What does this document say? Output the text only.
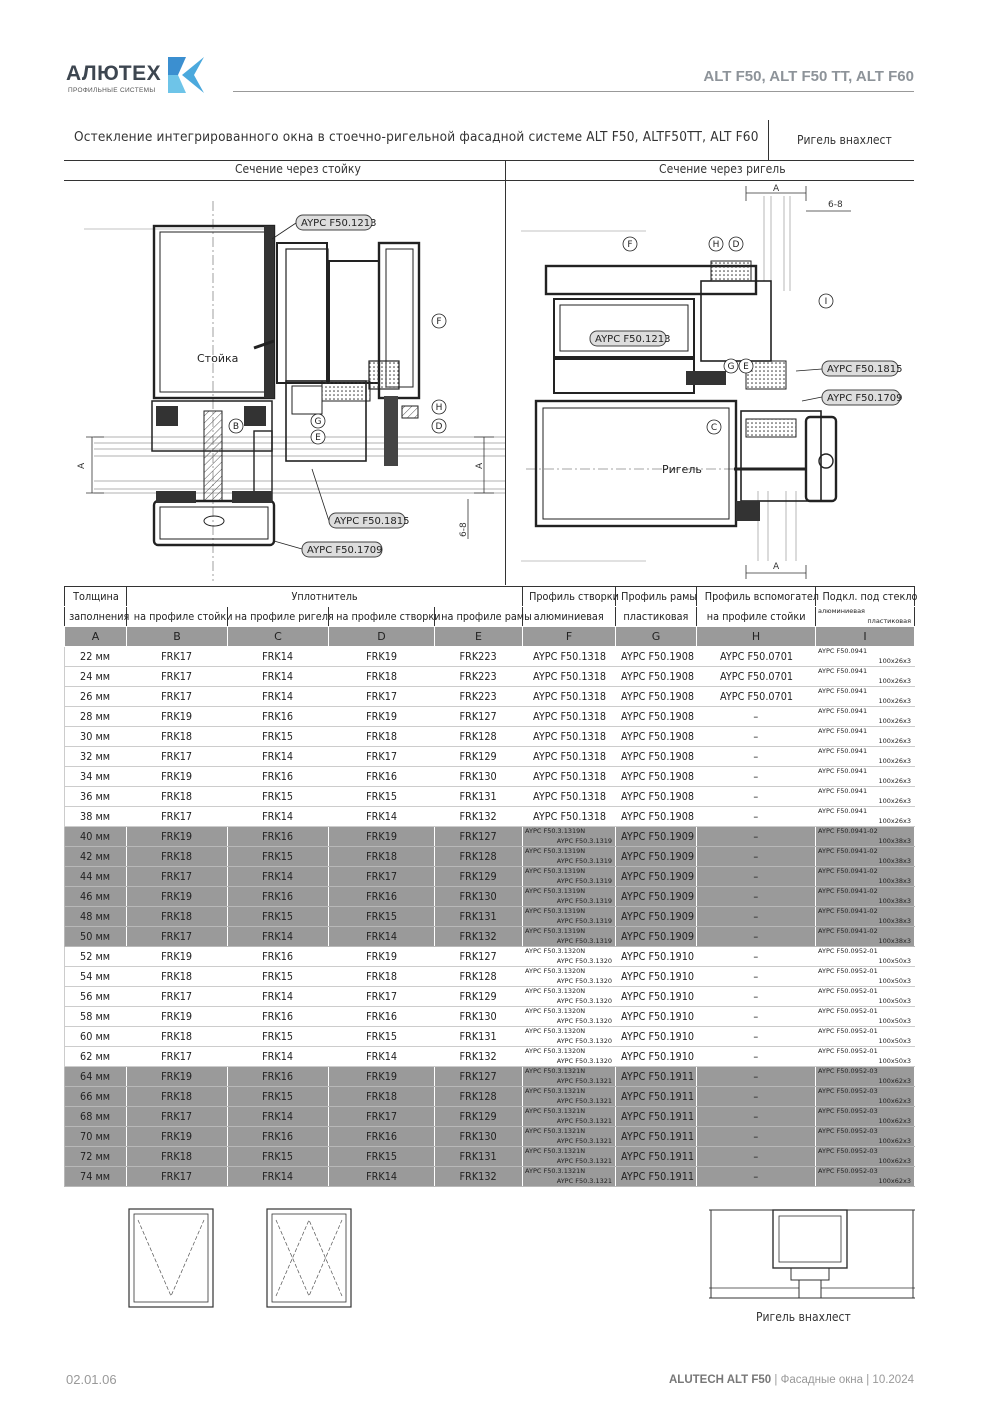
АЛЮТЕХ
ПРОФИЛЬНЫЕ СИСТЕМЫ
ALT F50, ALT F50 TT, ALT F60
Остекление интегрированного окна в стоечно-ригельной фасадной системе ALT F50, ALTF50TT, ALT F60	Ригель внахлест
Сечение через стойку	Сечение через ригель
A	A
6-8
AYPC F50.1213
Стойка
AYPC F50.1815
AYPC F50.1709
F
H
D
G
E
B
A
6-8
A
AYPC F50.1213
AYPC F50.1815
AYPC F50.1709
Ригель
F	H D
I
G E
C
Толщина	Уплотнитель				Профиль створки	Профиль рамы	Профиль вспомогател	Подкл. под стекло
заполнения	на профиле стойки	на профиле ригеля	на профиле створки	на профиле рамы	алюминиевая	пластиковая	на профиле стойки	алюминиевая
пластиковая

A	B	C	D	E	F	G	H	I
22 мм	FRK17	FRK14	FRK19	FRK223	AYPC F50.1318	AYPC F50.1908	AYPC F50.0701	AYPC F50.0941
100x26x3

24 мм	FRK17	FRK14	FRK18	FRK223	AYPC F50.1318	AYPC F50.1908	AYPC F50.0701	AYPC F50.0941
100x26x3

26 мм	FRK17	FRK14	FRK17	FRK223	AYPC F50.1318	AYPC F50.1908	AYPC F50.0701	AYPC F50.0941
100x26x3

28 мм	FRK19	FRK16	FRK19	FRK127	AYPC F50.1318	AYPC F50.1908	–	AYPC F50.0941
100x26x3

30 мм	FRK18	FRK15	FRK18	FRK128	AYPC F50.1318	AYPC F50.1908	–	AYPC F50.0941
100x26x3

32 мм	FRK17	FRK14	FRK17	FRK129	AYPC F50.1318	AYPC F50.1908	–	AYPC F50.0941
100x26x3

34 мм	FRK19	FRK16	FRK16	FRK130	AYPC F50.1318	AYPC F50.1908	–	AYPC F50.0941
100x26x3

36 мм	FRK18	FRK15	FRK15	FRK131	AYPC F50.1318	AYPC F50.1908	–	AYPC F50.0941
100x26x3

38 мм	FRK17	FRK14	FRK14	FRK132	AYPC F50.1318	AYPC F50.1908	–	AYPC F50.0941
100x26x3

40 мм	FRK19	FRK16	FRK19	FRK127	AYPC F50.3.1319N
AYPC F50.3.1319	AYPC F50.1909	–	AYPC F50.0941-02
100x38x3

42 мм	FRK18	FRK15	FRK18	FRK128	AYPC F50.3.1319N
AYPC F50.3.1319	AYPC F50.1909	–	AYPC F50.0941-02
100x38x3

44 мм	FRK17	FRK14	FRK17	FRK129	AYPC F50.3.1319N
AYPC F50.3.1319	AYPC F50.1909	–	AYPC F50.0941-02
100x38x3

46 мм	FRK19	FRK16	FRK16	FRK130	AYPC F50.3.1319N
AYPC F50.3.1319	AYPC F50.1909	–	AYPC F50.0941-02
100x38x3

48 мм	FRK18	FRK15	FRK15	FRK131	AYPC F50.3.1319N
AYPC F50.3.1319	AYPC F50.1909	–	AYPC F50.0941-02
100x38x3

50 мм	FRK17	FRK14	FRK14	FRK132	AYPC F50.3.1319N
AYPC F50.3.1319	AYPC F50.1909	–	AYPC F50.0941-02
100x38x3

52 мм	FRK19	FRK16	FRK19	FRK127	AYPC F50.3.1320N
AYPC F50.3.1320	AYPC F50.1910	–	AYPC F50.0952-01
100x50x3

54 мм	FRK18	FRK15	FRK18	FRK128	AYPC F50.3.1320N
AYPC F50.3.1320	AYPC F50.1910	–	AYPC F50.0952-01
100x50x3

56 мм	FRK17	FRK14	FRK17	FRK129	AYPC F50.3.1320N
AYPC F50.3.1320	AYPC F50.1910	–	AYPC F50.0952-01
100x50x3

58 мм	FRK19	FRK16	FRK16	FRK130	AYPC F50.3.1320N
AYPC F50.3.1320	AYPC F50.1910	–	AYPC F50.0952-01
100x50x3

60 мм	FRK18	FRK15	FRK15	FRK131	AYPC F50.3.1320N
AYPC F50.3.1320	AYPC F50.1910	–	AYPC F50.0952-01
100x50x3

62 мм	FRK17	FRK14	FRK14	FRK132	AYPC F50.3.1320N
AYPC F50.3.1320	AYPC F50.1910	–	AYPC F50.0952-01
100x50x3

64 мм	FRK19	FRK16	FRK19	FRK127	AYPC F50.3.1321N
AYPC F50.3.1321	AYPC F50.1911	–	AYPC F50.0952-03
100x62x3

66 мм	FRK18	FRK15	FRK18	FRK128	AYPC F50.3.1321N
AYPC F50.3.1321	AYPC F50.1911	–	AYPC F50.0952-03
100x62x3

68 мм	FRK17	FRK14	FRK17	FRK129	AYPC F50.3.1321N
AYPC F50.3.1321	AYPC F50.1911	–	AYPC F50.0952-03
100x62x3

70 мм	FRK19	FRK16	FRK16	FRK130	AYPC F50.3.1321N
AYPC F50.3.1321	AYPC F50.1911	–	AYPC F50.0952-03
100x62x3

72 мм	FRK18	FRK15	FRK15	FRK131	AYPC F50.3.1321N
AYPC F50.3.1321	AYPC F50.1911	–	AYPC F50.0952-03
100x62x3

74 мм	FRK17	FRK14	FRK14	FRK132	AYPC F50.3.1321N
AYPC F50.3.1321	AYPC F50.1911	–	AYPC F50.0952-03
100x62x3
Ригель внахлест
02.01.06	ALUTECH ALT F50 | Фасадные окна | 10.2024
